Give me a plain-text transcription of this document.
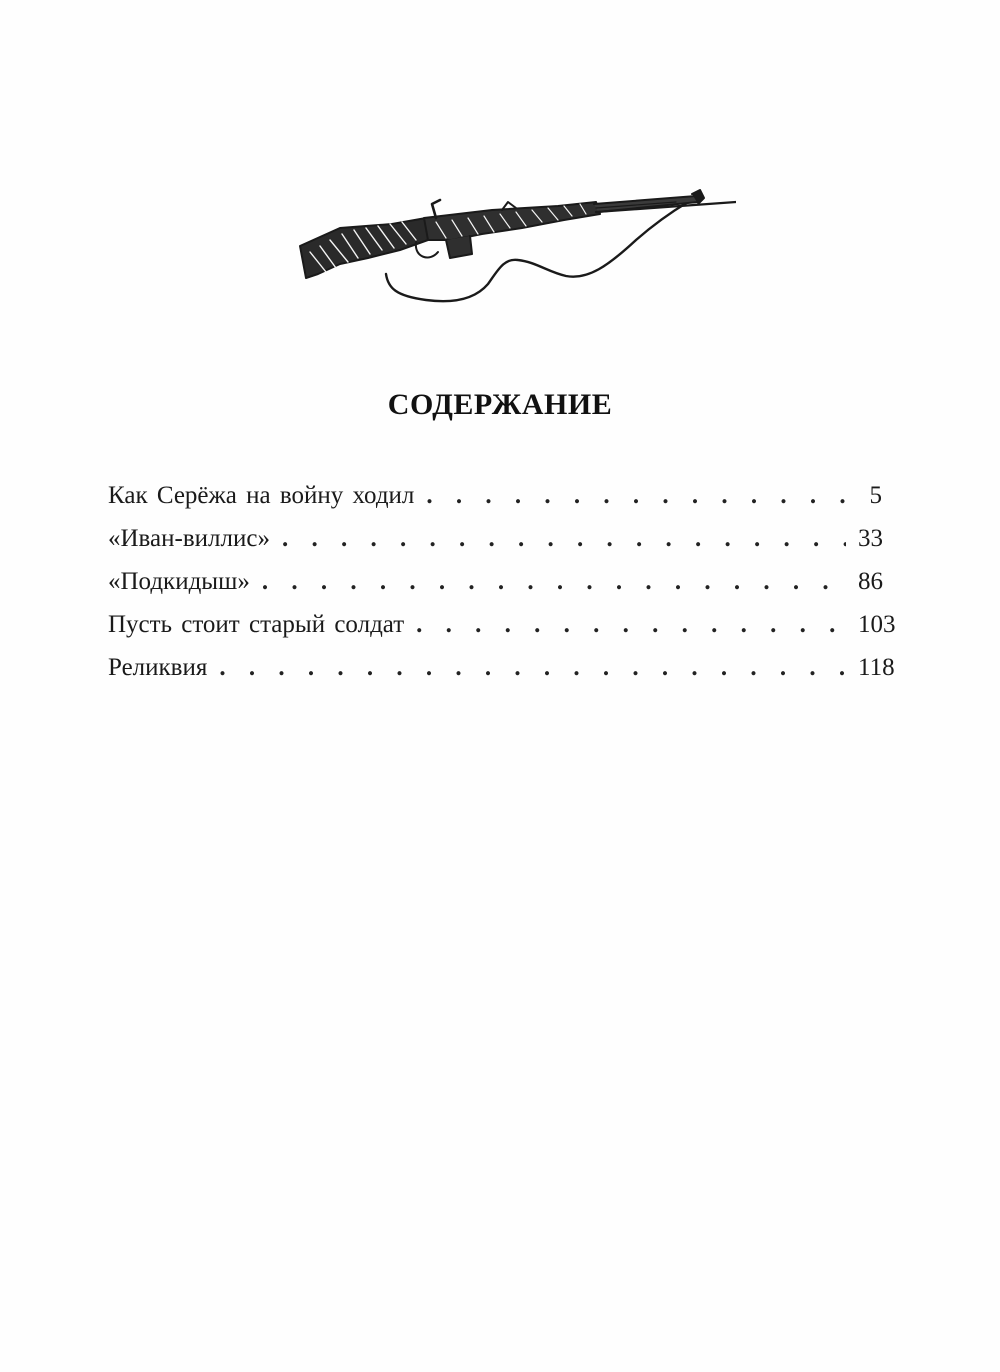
СОДЕРЖАНИЕ
Как Серёжа на войну ходил . . .	5
«Иван-виллис» . . .	33
«Подкидыш» . . .	86
Пусть стоит старый солдат . . .	103
Реликвия . . .	118
